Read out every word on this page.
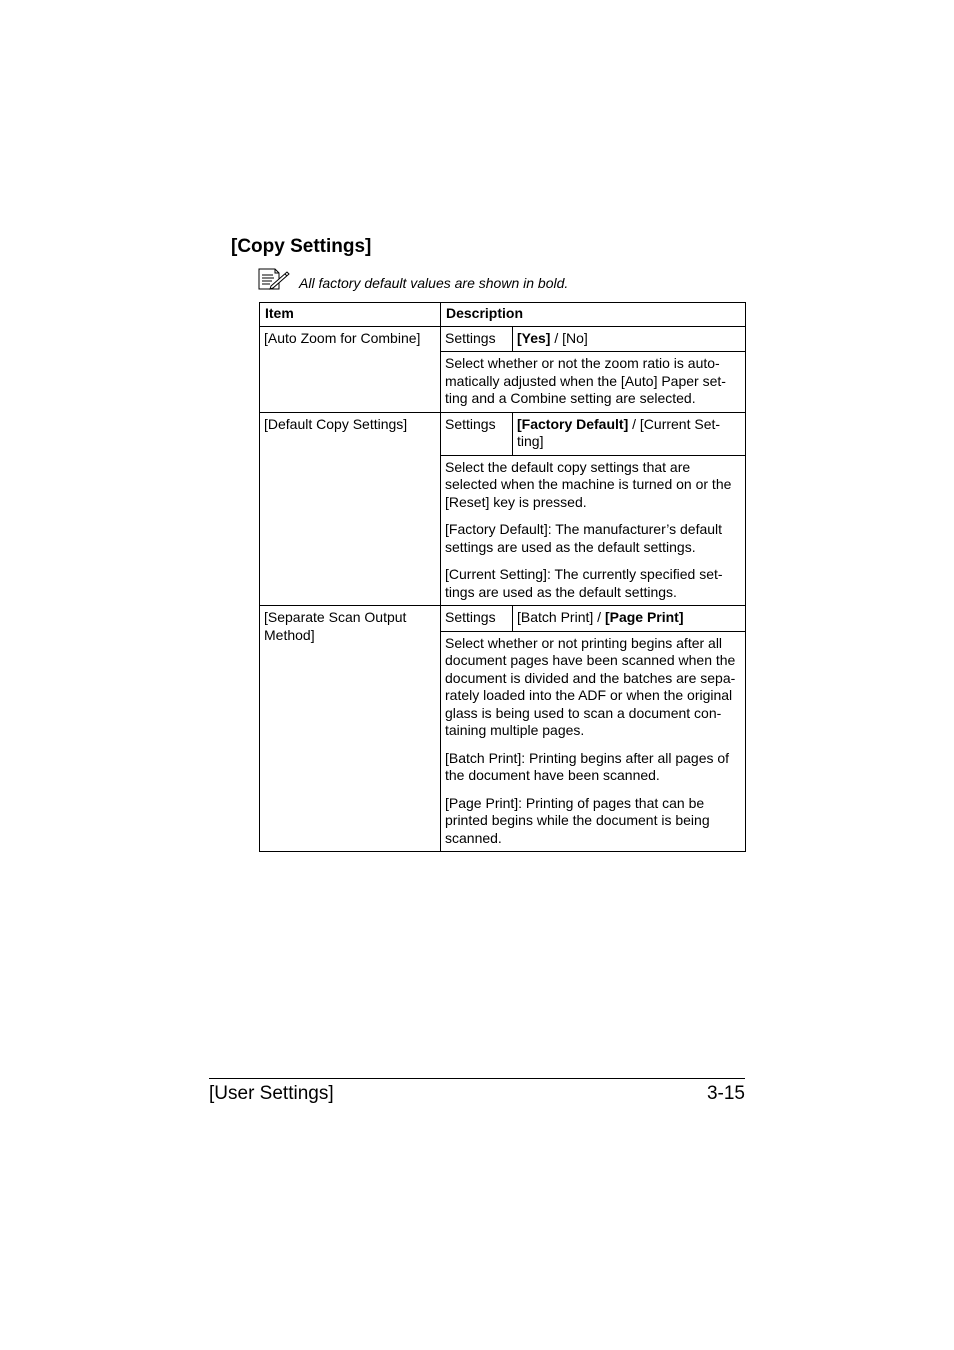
[Copy Settings]
All factory default values are shown in bold.
Item	Description	
[Auto Zoom for Combine]	Settings	[Yes] / [No]

	Select whether or not the zoom ratio is auto-matically adjusted when the [Auto] Paper set-ting and a Combine setting are selected.	

[Default Copy Settings]	Settings	[Factory Default] / [Current Set-ting]

	Select the default copy settings that are selected when the machine is turned on or the [Reset] key is pressed.

[Factory Default]: The manufacturer’s default settings are used as the default settings.

[Current Setting]: The currently specified set-tings are used as the default settings.	

[Separate Scan Output Method]	Settings	[Batch Print] / [Page Print]

	Select whether or not printing begins after all document pages have been scanned when the document is divided and the batches are sepa-rately loaded into the ADF or when the original glass is being used to scan a document con-taining multiple pages.

[Batch Print]: Printing begins after all pages of the document have been scanned.

[Page Print]: Printing of pages that can be printed begins while the document is being scanned.	

[User Settings]	3-15
